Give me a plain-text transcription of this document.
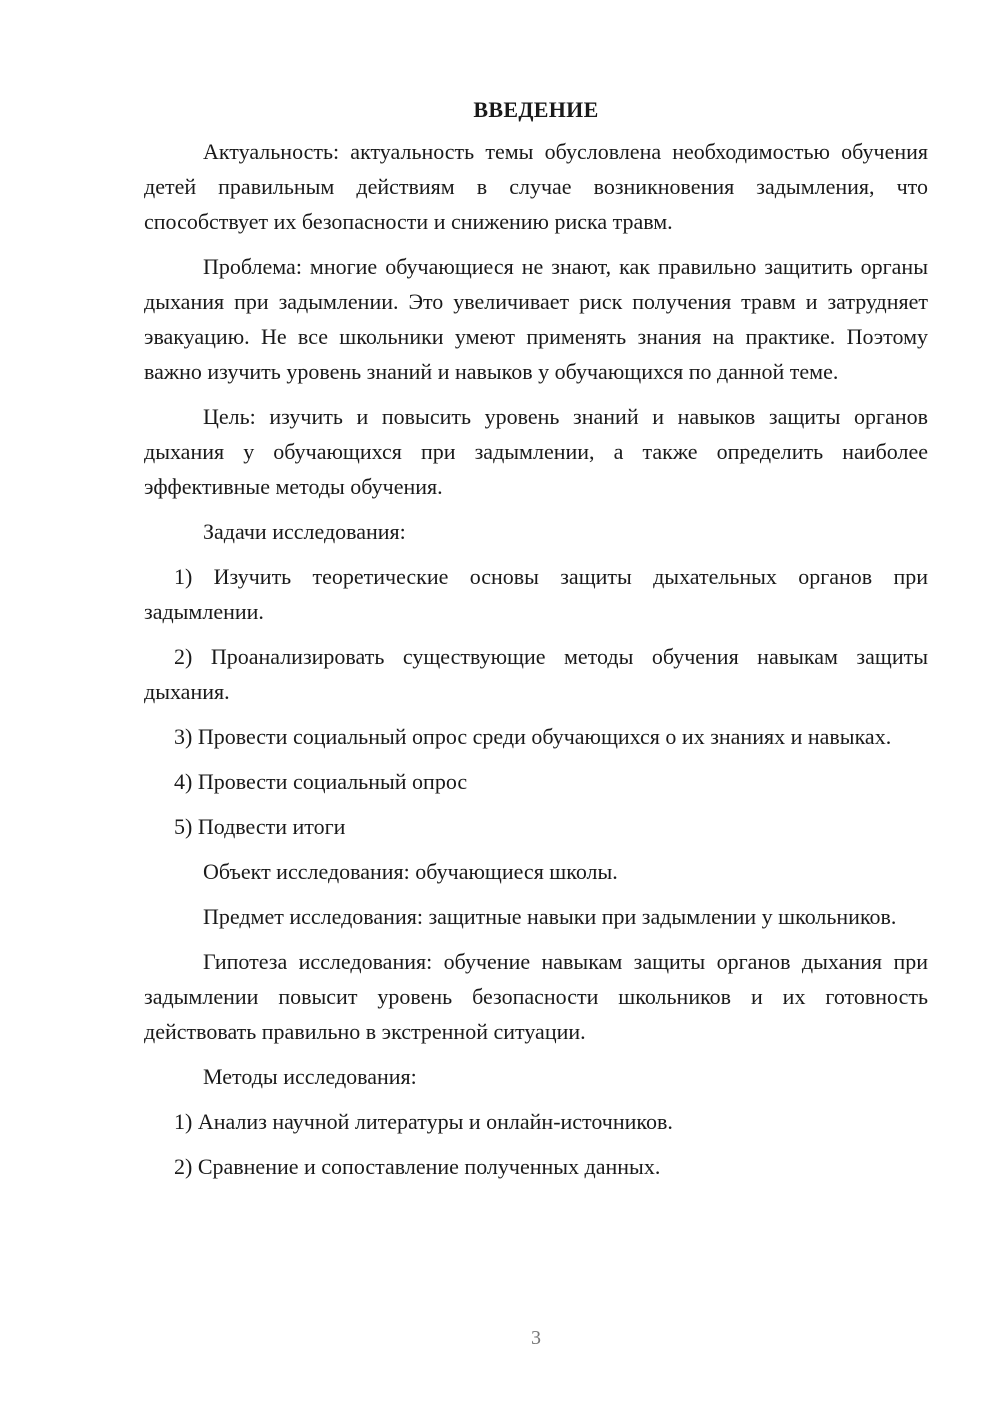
ВВЕДЕНИЕ

Актуальность: актуальность темы обусловлена необходимостью обучения детей правильным действиям в случае возникновения задымления, что способствует их безопасности и снижению риска травм.

Проблема: многие обучающиеся не знают, как правильно защитить органы дыхания при задымлении. Это увеличивает риск получения травм и затрудняет эвакуацию. Не все школьники умеют применять знания на практике. Поэтому важно изучить уровень знаний и навыков у обучающихся по данной теме.

Цель: изучить и повысить уровень знаний и навыков защиты органов дыхания у обучающихся при задымлении, а также определить наиболее эффективные методы обучения.

Задачи исследования:

1) Изучить теоретические основы защиты дыхательных органов при задымлении.

2) Проанализировать существующие методы обучения навыкам защиты дыхания.

3) Провести социальный опрос среди обучающихся о их знаниях и навыках.

4) Провести социальный опрос

5) Подвести итоги

Объект исследования: обучающиеся школы.

Предмет исследования: защитные навыки при задымлении у школьников.

Гипотеза исследования: обучение навыкам защиты органов дыхания при задымлении повысит уровень безопасности школьников и их готовность действовать правильно в экстренной ситуации.

Методы исследования:

1) Анализ научной литературы и онлайн-источников.

2) Сравнение и сопоставление полученных данных.

3
